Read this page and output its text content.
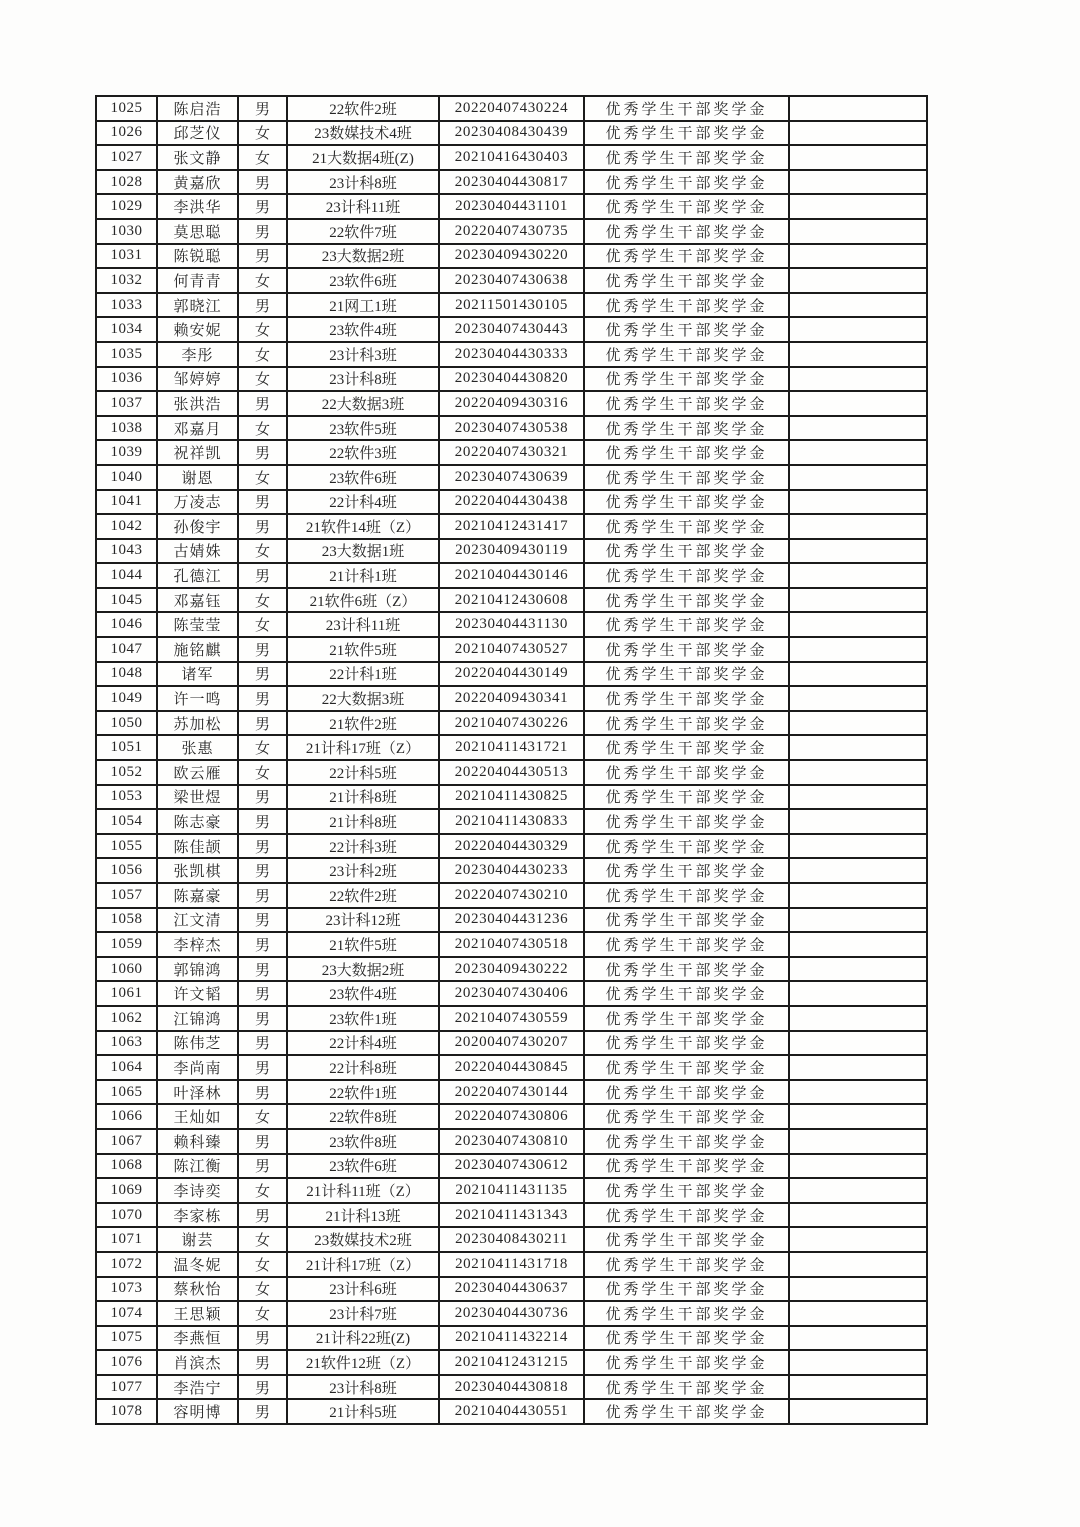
1025	陈启浩	男	22软件2班	20220407430224	优秀学生干部奖学金	
1026	邱芝仪	女	23数媒技术4班	20230408430439	优秀学生干部奖学金	
1027	张文静	女	21大数据4班(Z)	20210416430403	优秀学生干部奖学金	
1028	黄嘉欣	男	23计科8班	20230404430817	优秀学生干部奖学金	
1029	李洪华	男	23计科11班	20230404431101	优秀学生干部奖学金	
1030	莫思聪	男	22软件7班	20220407430735	优秀学生干部奖学金	
1031	陈锐聪	男	23大数据2班	20230409430220	优秀学生干部奖学金	
1032	何青青	女	23软件6班	20230407430638	优秀学生干部奖学金	
1033	郭晓江	男	21网工1班	20211501430105	优秀学生干部奖学金	
1034	赖安妮	女	23软件4班	20230407430443	优秀学生干部奖学金	
1035	李彤	女	23计科3班	20230404430333	优秀学生干部奖学金	
1036	邹婷婷	女	23计科8班	20230404430820	优秀学生干部奖学金	
1037	张洪浩	男	22大数据3班	20220409430316	优秀学生干部奖学金	
1038	邓嘉月	女	23软件5班	20230407430538	优秀学生干部奖学金	
1039	祝祥凯	男	22软件3班	20220407430321	优秀学生干部奖学金	
1040	谢恩	女	23软件6班	20230407430639	优秀学生干部奖学金	
1041	万凌志	男	22计科4班	20220404430438	优秀学生干部奖学金	
1042	孙俊宇	男	21软件14班（Z）	20210412431417	优秀学生干部奖学金	
1043	古婧姝	女	23大数据1班	20230409430119	优秀学生干部奖学金	
1044	孔德江	男	21计科1班	20210404430146	优秀学生干部奖学金	
1045	邓嘉钰	女	21软件6班（Z）	20210412430608	优秀学生干部奖学金	
1046	陈莹莹	女	23计科11班	20230404431130	优秀学生干部奖学金	
1047	施铭麒	男	21软件5班	20210407430527	优秀学生干部奖学金	
1048	诸军	男	22计科1班	20220404430149	优秀学生干部奖学金	
1049	许一鸣	男	22大数据3班	20220409430341	优秀学生干部奖学金	
1050	苏加松	男	21软件2班	20210407430226	优秀学生干部奖学金	
1051	张惠	女	21计科17班（Z）	20210411431721	优秀学生干部奖学金	
1052	欧云雁	女	22计科5班	20220404430513	优秀学生干部奖学金	
1053	梁世煜	男	21计科8班	20210411430825	优秀学生干部奖学金	
1054	陈志豪	男	21计科8班	20210411430833	优秀学生干部奖学金	
1055	陈佳颉	男	22计科3班	20220404430329	优秀学生干部奖学金	
1056	张凯棋	男	23计科2班	20230404430233	优秀学生干部奖学金	
1057	陈嘉豪	男	22软件2班	20220407430210	优秀学生干部奖学金	
1058	江文清	男	23计科12班	20230404431236	优秀学生干部奖学金	
1059	李梓杰	男	21软件5班	20210407430518	优秀学生干部奖学金	
1060	郭锦鸿	男	23大数据2班	20230409430222	优秀学生干部奖学金	
1061	许文韬	男	23软件4班	20230407430406	优秀学生干部奖学金	
1062	江锦鸿	男	23软件1班	20210407430559	优秀学生干部奖学金	
1063	陈伟芝	男	22计科4班	20200407430207	优秀学生干部奖学金	
1064	李尚南	男	22计科8班	20220404430845	优秀学生干部奖学金	
1065	叶泽林	男	22软件1班	20220407430144	优秀学生干部奖学金	
1066	王灿如	女	22软件8班	20220407430806	优秀学生干部奖学金	
1067	赖科臻	男	23软件8班	20230407430810	优秀学生干部奖学金	
1068	陈江衡	男	23软件6班	20230407430612	优秀学生干部奖学金	
1069	李诗奕	女	21计科11班（Z）	20210411431135	优秀学生干部奖学金	
1070	李家栋	男	21计科13班	20210411431343	优秀学生干部奖学金	
1071	谢芸	女	23数媒技术2班	20230408430211	优秀学生干部奖学金	
1072	温冬妮	女	21计科17班（Z）	20210411431718	优秀学生干部奖学金	
1073	蔡秋怡	女	23计科6班	20230404430637	优秀学生干部奖学金	
1074	王思颖	女	23计科7班	20230404430736	优秀学生干部奖学金	
1075	李燕恒	男	21计科22班(Z)	20210411432214	优秀学生干部奖学金	
1076	肖滨杰	男	21软件12班（Z）	20210412431215	优秀学生干部奖学金	
1077	李浩宁	男	23计科8班	20230404430818	优秀学生干部奖学金	
1078	容明博	男	21计科5班	20210404430551	优秀学生干部奖学金	
